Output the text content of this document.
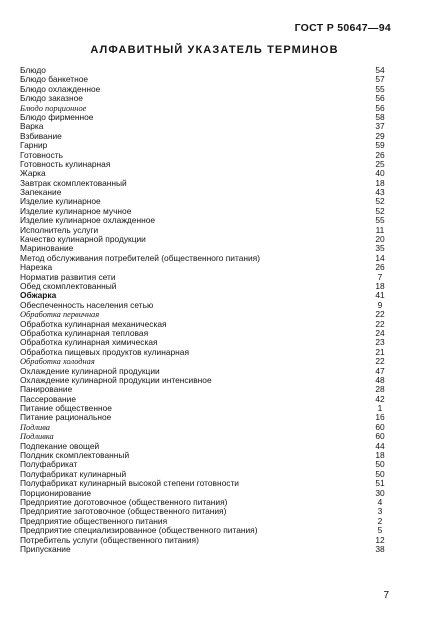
ГОСТ Р 50647—94
АЛФАВИТНЫЙ УКАЗАТЕЛЬ ТЕРМИНОВ
Блюдо	54
Блюдо банкетное	57
Блюдо охлажденное	55
Блюдо заказное	56
Блюдо порционное	56
Блюдо фирменное	58
Варка	37
Взбивание	29
Гарнир	59
Готовность	26
Готовность кулинарная	25
Жарка	40
Завтрак скомплектованный	18
Запекание	43
Изделие кулинарное	52
Изделие кулинарное мучное	52
Изделие кулинарное охлажденное	55
Исполнитель услуги	11
Качество кулинарной продукции	20
Маринование	35
Метод обслуживания потребителей (общественного питания)	14
Нарезка	26
Норматив развития сети	7
Обед скомплектованный	18
Обжарка	41
Обеспеченность населения сетью	9
Обработка первичная	22
Обработка кулинарная механическая	22
Обработка кулинарная тепловая	24
Обработка кулинарная химическая	23
Обработка пищевых продуктов кулинарная	21
Обработка холодная	22
Охлаждение кулинарной продукции	47
Охлаждение кулинарной продукции интенсивное	48
Панирование	28
Пассерование	42
Питание общественное	1
Питание рациональное	16
Подлива	60
Подливка	60
Подпекание овощей	44
Полдник скомплектованный	18
Полуфабрикат	50
Полуфабрикат кулинарный	50
Полуфабрикат кулинарный высокой степени готовности	51
Порционирование	30
Предприятие доготовочное (общественного питания)	4
Предприятие заготовочное (общественного питания)	3
Предприятие общественного питания	2
Предприятие специализированное (общественного питания)	5
Потребитель услуги (общественного питания)	12
Припускание	38
7
